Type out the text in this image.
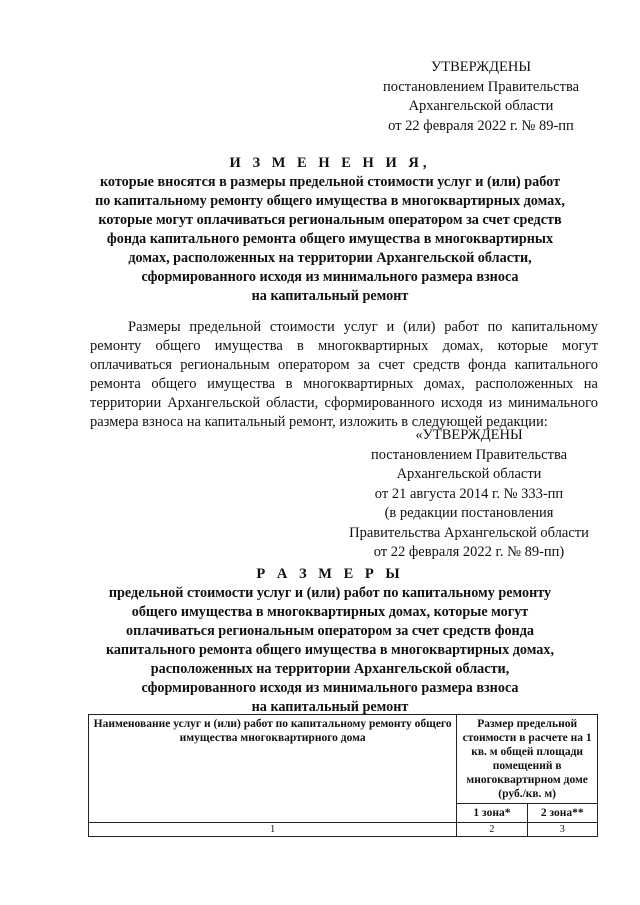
УТВЕРЖДЕНЫ
постановлением Правительства
Архангельской области
от 22 февраля 2022 г. № 89-пп
И З М Е Н Е Н И Я,
которые вносятся в размеры предельной стоимости услуг и (или) работ
по капитальному ремонту общего имущества в многоквартирных домах,
которые могут оплачиваться региональным оператором за счет средств
фонда капитального ремонта общего имущества в многоквартирных
домах, расположенных на территории Архангельской области,
сформированного исходя из минимального размера взноса
на капитальный ремонт
Размеры предельной стоимости услуг и (или) работ по капитальному ремонту общего имущества в многоквартирных домах, которые могут оплачиваться региональным оператором за счет средств фонда капитального ремонта общего имущества в многоквартирных домах, расположенных на территории Архангельской области, сформированного исходя из минимального размера взноса на капитальный ремонт, изложить в следующей редакции:
«УТВЕРЖДЕНЫ
постановлением Правительства
Архангельской области
от 21 августа 2014 г. № 333-пп
(в редакции постановления
Правительства Архангельской области
от 22 февраля 2022 г. № 89-пп)
Р А З М Е Р Ы
предельной стоимости услуг и (или) работ по капитальному ремонту
общего имущества в многоквартирных домах, которые могут
оплачиваться региональным оператором за счет средств фонда
капитального ремонта общего имущества в многоквартирных домах,
расположенных на территории Архангельской области,
сформированного исходя из минимального размера взноса
на капитальный ремонт
Наименование услуг и (или) работ по капитальному ремонту общего имущества многоквартирного дома	Размер предельной стоимости в расчете на 1 кв. м общей площади помещений в многоквартирном доме (руб./кв. м)	
	1 зона*	2 зона**
1	2	3
